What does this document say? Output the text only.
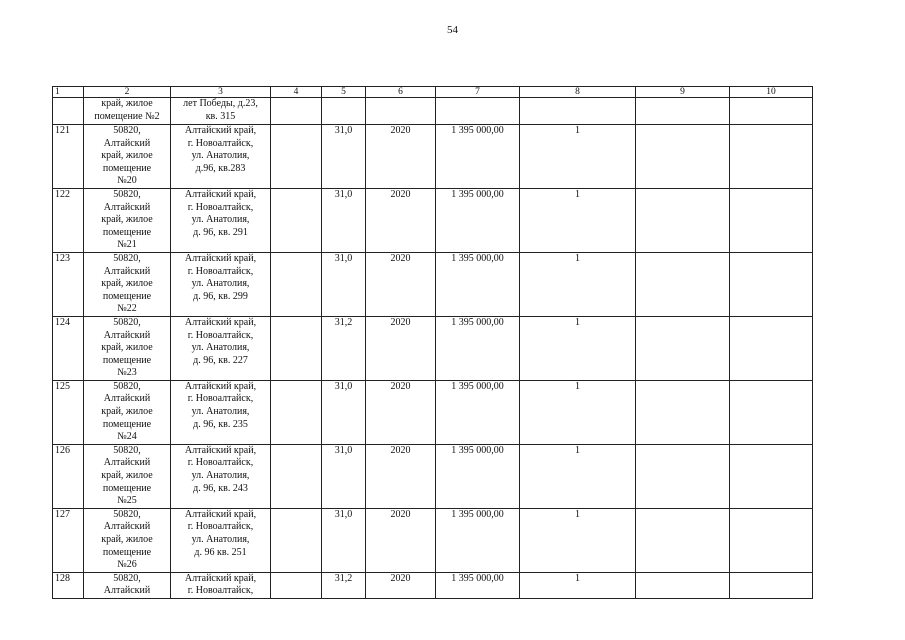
54
1	2	3	4	5	6	7	8	9	10
	край, жилое
помещение №2	лет Победы, д.23,
кв. 315							
121	50820,
Алтайский
край, жилое
помещение
№20	Алтайский край,
г. Новоалтайск,
ул. Анатолия,
д.96, кв.283		31,0	2020	1 395 000,00	1		
122	50820,
Алтайский
край, жилое
помещение
№21	Алтайский край,
г. Новоалтайск,
ул. Анатолия,
д. 96, кв. 291		31,0	2020	1 395 000,00	1		
123	50820,
Алтайский
край, жилое
помещение
№22	Алтайский край,
г. Новоалтайск,
ул. Анатолия,
д. 96, кв. 299		31,0	2020	1 395 000,00	1		
124	50820,
Алтайский
край, жилое
помещение
№23	Алтайский край,
г. Новоалтайск,
ул. Анатолия,
д. 96, кв. 227		31,2	2020	1 395 000,00	1		
125	50820,
Алтайский
край, жилое
помещение
№24	Алтайский край,
г. Новоалтайск,
ул. Анатолия,
д. 96, кв. 235		31,0	2020	1 395 000,00	1		
126	50820,
Алтайский
край, жилое
помещение
№25	Алтайский край,
г. Новоалтайск,
ул. Анатолия,
д. 96, кв. 243		31,0	2020	1 395 000,00	1		
127	50820,
Алтайский
край, жилое
помещение
№26	Алтайский край,
г. Новоалтайск,
ул. Анатолия,
д. 96 кв. 251		31,0	2020	1 395 000,00	1		
128	50820,
Алтайский	Алтайский край,
г. Новоалтайск,		31,2	2020	1 395 000,00	1		
